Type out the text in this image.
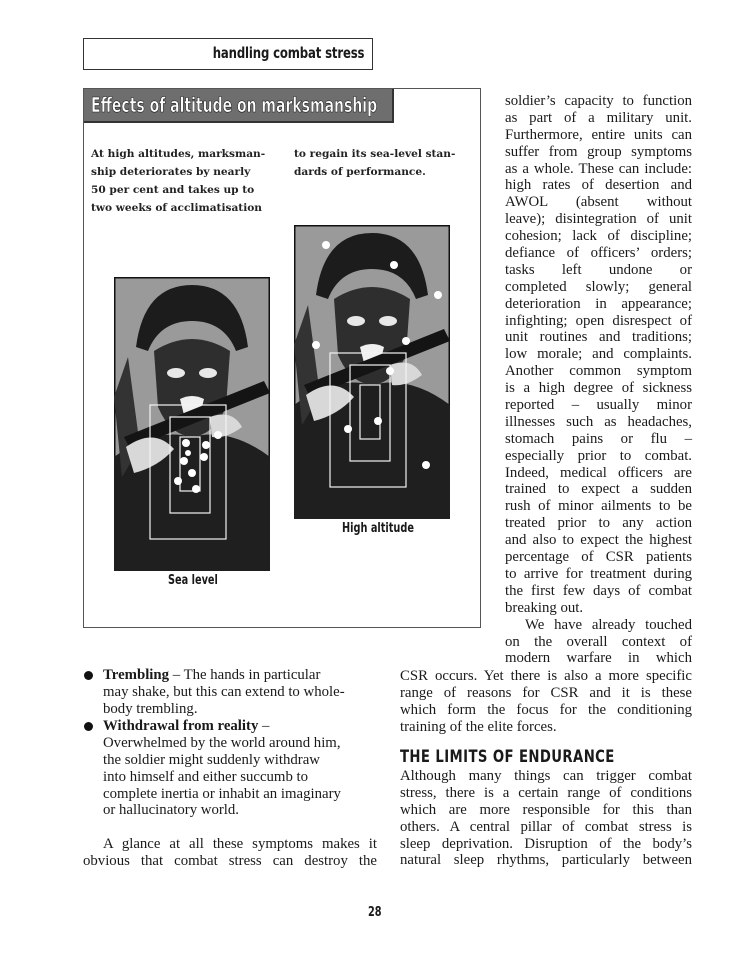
handling combat stress
Effects of altitude on marksmanship
At high altitudes, marksman-
ship deteriorates by nearly
50 per cent and takes up to
two weeks of acclimatisation
to regain its sea-level stan-
dards of performance.
Sea level
High altitude
soldier’s capacity to function
as part of a military unit.
Furthermore, entire units can
suffer from group symptoms
as a whole. These can include:
high rates of desertion and
AWOL (absent without
leave); disintegration of unit
cohesion; lack of discipline;
defiance of officers’ orders;
tasks left undone or
completed slowly; general
deterioration in appearance;
infighting; open disrespect of
unit routines and traditions;
low morale; and complaints.
Another common symptom
is a high degree of sickness
reported – usually minor
illnesses such as headaches,
stomach pains or flu –
especially prior to combat.
Indeed, medical officers are
trained to expect a sudden
rush of minor ailments to be
treated prior to any action
and also to expect the highest
percentage of CSR patients
to arrive for treatment during
the first few days of combat
breaking out.
We have already touched
on the overall context of
modern warfare in which
CSR occurs. Yet there is also a more specific
range of reasons for CSR and it is these
which form the focus for the conditioning
training of the elite forces.
THE LIMITS OF ENDURANCE
Although many things can trigger combat
stress, there is a certain range of conditions
which are more responsible for this than
others. A central pillar of combat stress is
sleep deprivation. Disruption of the body’s
natural sleep rhythms, particularly between
Trembling – The hands in particular
may shake, but this can extend to whole-
body trembling.
Withdrawal from reality –
Overwhelmed by the world around him,
the soldier might suddenly withdraw
into himself and either succumb to
complete inertia or inhabit an imaginary
or hallucinatory world.
A glance at all these symptoms makes it
obvious that combat stress can destroy the
28
